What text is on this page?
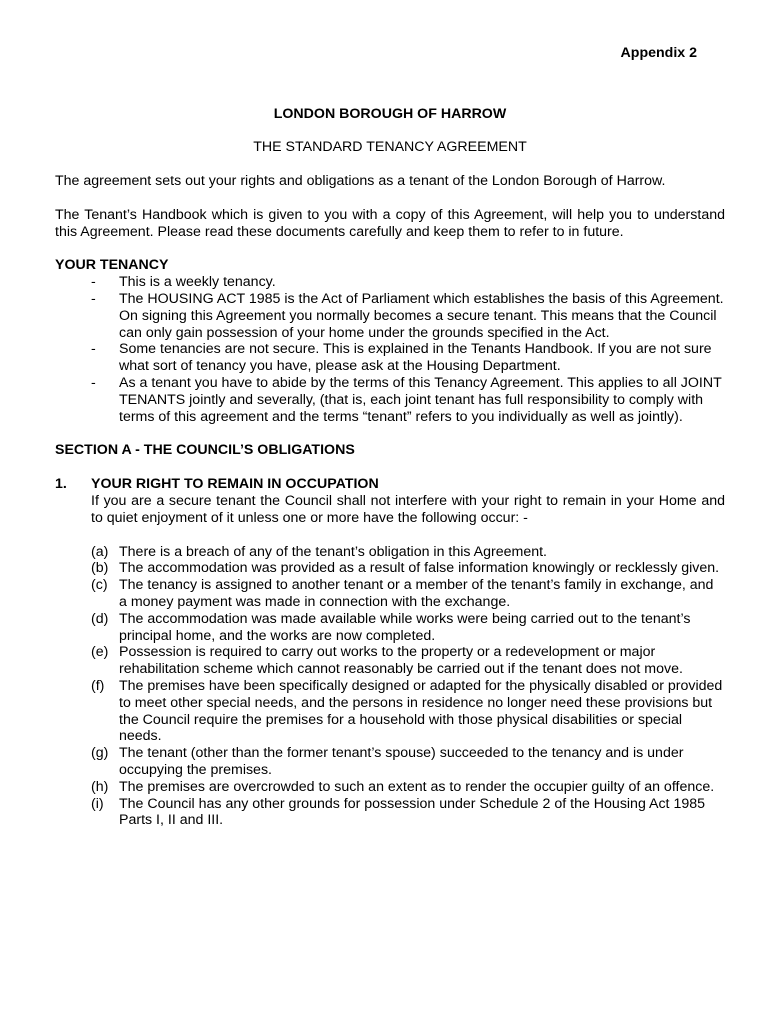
Appendix 2
LONDON BOROUGH OF HARROW
THE STANDARD TENANCY AGREEMENT

The agreement sets out your rights and obligations as a tenant of the London Borough of Harrow.

The Tenant’s Handbook which is given to you with a copy of this Agreement, will help you to understand this Agreement. Please read these documents carefully and keep them to refer to in future.

YOUR TENANCY

- This is a weekly tenancy.
- The HOUSING ACT 1985 is the Act of Parliament which establishes the basis of this Agreement. On signing this Agreement you normally becomes a secure tenant. This means that the Council can only gain possession of your home under the grounds specified in the Act.
- Some tenancies are not secure. This is explained in the Tenants Handbook. If you are not sure what sort of tenancy you have, please ask at the Housing Department.
- As a tenant you have to abide by the terms of this Tenancy Agreement. This applies to all JOINT TENANTS jointly and severally, (that is, each joint tenant has full responsibility to comply with terms of this agreement and the terms “tenant” refers to you individually as well as jointly).

SECTION A - THE COUNCIL’S OBLIGATIONS

1. YOUR RIGHT TO REMAIN IN OCCUPATION

If you are a secure tenant the Council shall not interfere with your right to remain in your Home and to quiet enjoyment of it unless one or more have the following occur: -

(a) There is a breach of any of the tenant’s obligation in this Agreement.
(b) The accommodation was provided as a result of false information knowingly or recklessly given.
(c) The tenancy is assigned to another tenant or a member of the tenant’s family in exchange, and a money payment was made in connection with the exchange.
(d) The accommodation was made available while works were being carried out to the tenant’s principal home, and the works are now completed.
(e) Possession is required to carry out works to the property or a redevelopment or major rehabilitation scheme which cannot reasonably be carried out if the tenant does not move.
(f) The premises have been specifically designed or adapted for the physically disabled or provided to meet other special needs, and the persons in residence no longer need these provisions but the Council require the premises for a household with those physical disabilities or special needs.
(g) The tenant (other than the former tenant’s spouse) succeeded to the tenancy and is under occupying the premises.
(h) The premises are overcrowded to such an extent as to render the occupier guilty of an offence.
(i) The Council has any other grounds for possession under Schedule 2 of the Housing Act 1985 Parts I, II and III.
